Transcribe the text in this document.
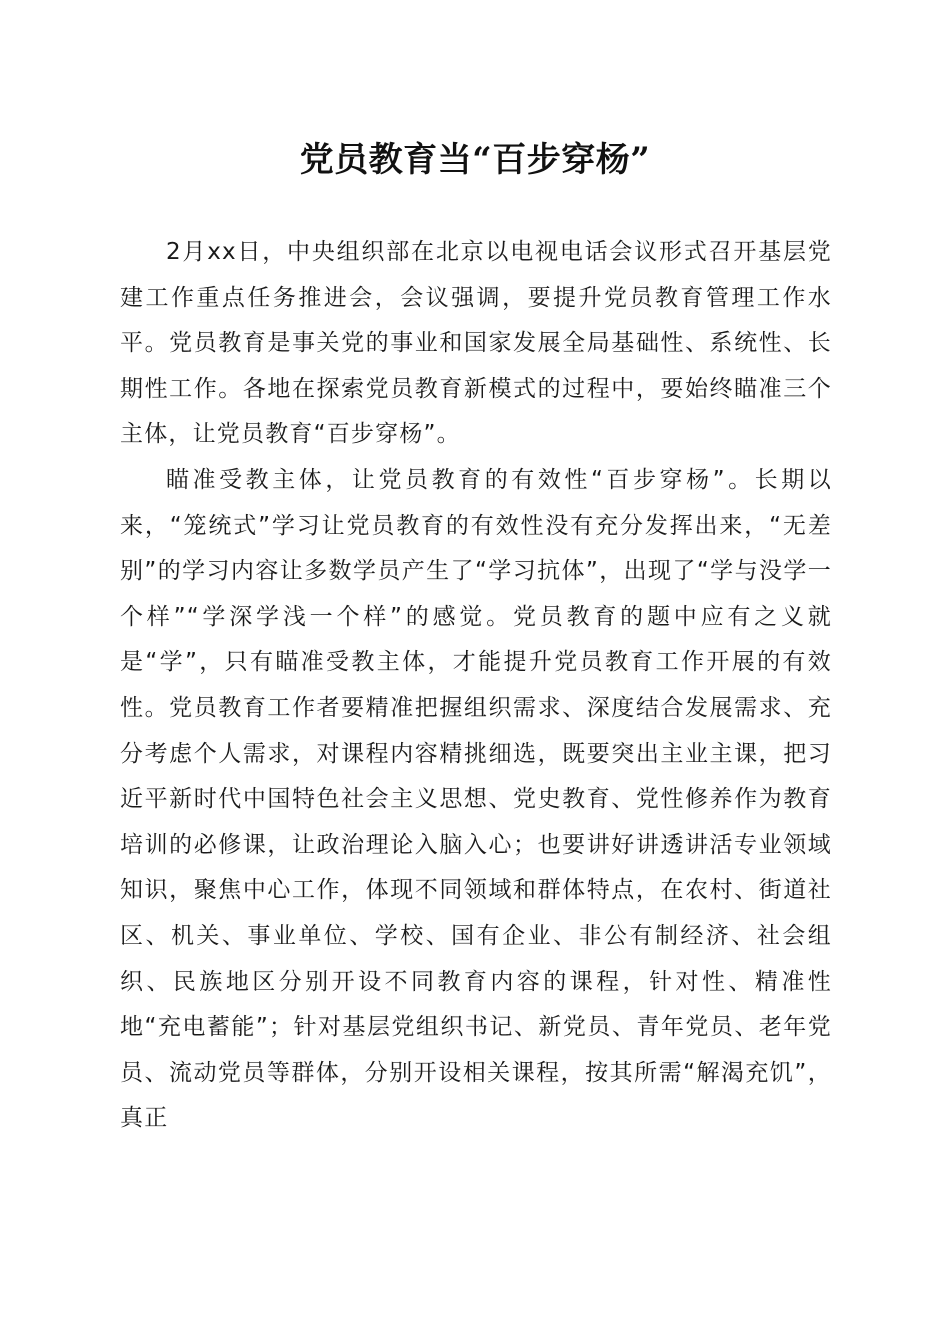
党员教育当“百步穿杨”

2月xx日，中央组织部在北京以电视电话会议形式召开基层党建工作重点任务推进会，会议强调，要提升党员教育管理工作水平。党员教育是事关党的事业和国家发展全局基础性、系统性、长期性工作。各地在探索党员教育新模式的过程中，要始终瞄准三个主体，让党员教育“百步穿杨”。

瞄准受教主体，让党员教育的有效性“百步穿杨”。长期以来，“笼统式”学习让党员教育的有效性没有充分发挥出来，“无差别”的学习内容让多数学员产生了“学习抗体”，出现了“学与没学一个样”“学深学浅一个样”的感觉。党员教育的题中应有之义就是“学”，只有瞄准受教主体，才能提升党员教育工作开展的有效性。党员教育工作者要精准把握组织需求、深度结合发展需求、充分考虑个人需求，对课程内容精挑细选，既要突出主业主课，把习近平新时代中国特色社会主义思想、党史教育、党性修养作为教育培训的必修课，让政治理论入脑入心；也要讲好讲透讲活专业领域知识，聚焦中心工作，体现不同领域和群体特点，在农村、街道社区、机关、事业单位、学校、国有企业、非公有制经济、社会组织、民族地区分别开设不同教育内容的课程，针对性、精准性地“充电蓄能”；针对基层党组织书记、新党员、青年党员、老年党员、流动党员等群体，分别开设相关课程，按其所需“解渴充饥”，真正
